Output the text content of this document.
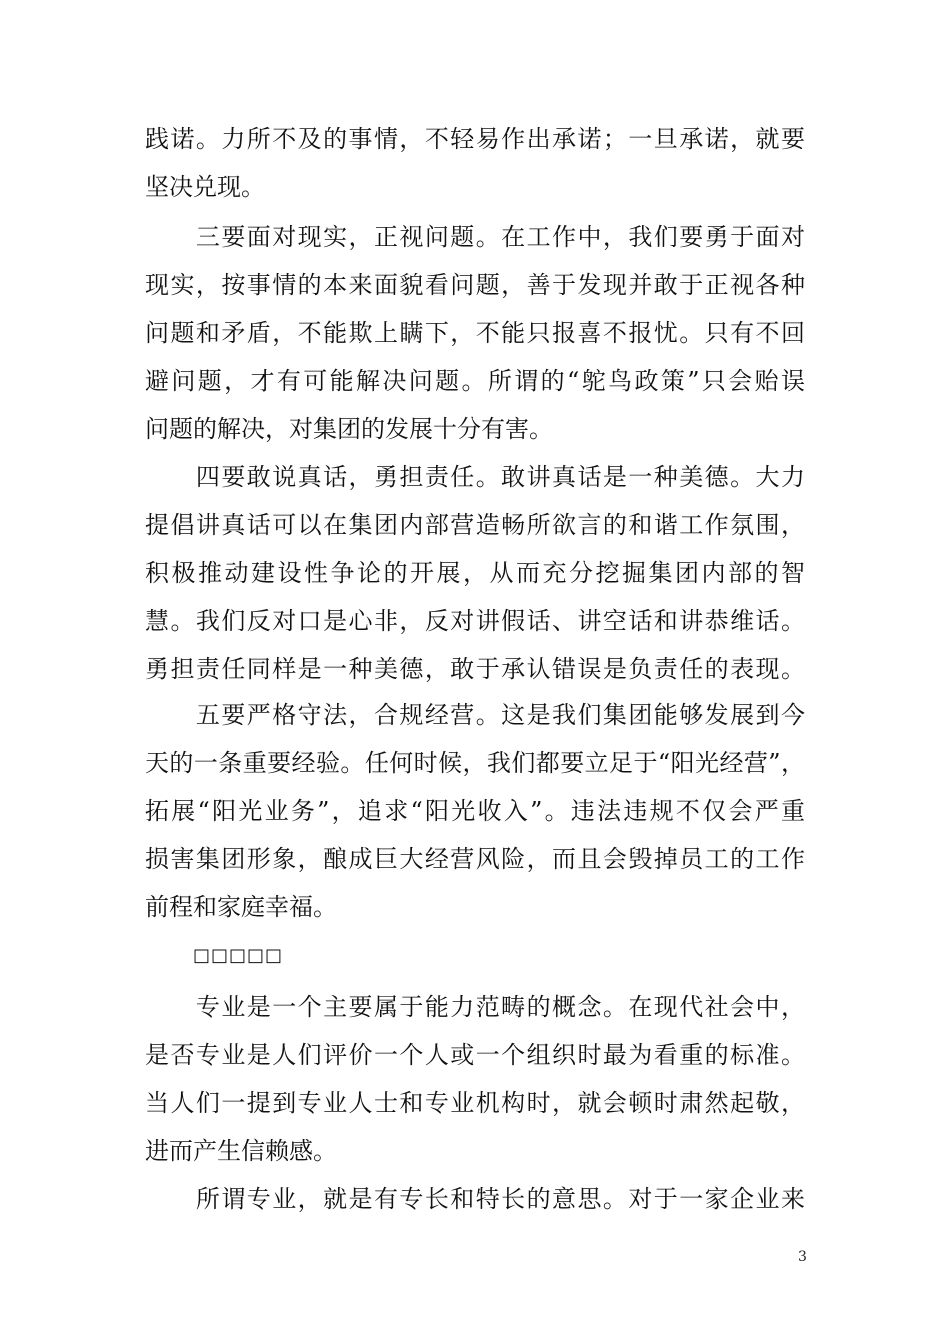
践诺。力所不及的事情，不轻易作出承诺；一旦承诺，就要
坚决兑现。
　　三要面对现实，正视问题。在工作中，我们要勇于面对
现实，按事情的本来面貌看问题，善于发现并敢于正视各种
问题和矛盾，不能欺上瞒下，不能只报喜不报忧。只有不回
避问题，才有可能解决问题。所谓的“鸵鸟政策”只会贻误
问题的解决，对集团的发展十分有害。
　　四要敢说真话，勇担责任。敢讲真话是一种美德。大力
提倡讲真话可以在集团内部营造畅所欲言的和谐工作氛围，
积极推动建设性争论的开展，从而充分挖掘集团内部的智
慧。我们反对口是心非，反对讲假话、讲空话和讲恭维话。
勇担责任同样是一种美德，敢于承认错误是负责任的表现。
　　五要严格守法，合规经营。这是我们集团能够发展到今
天的一条重要经验。任何时候，我们都要立足于“阳光经营”，
拓展“阳光业务”，追求“阳光收入”。违法违规不仅会严重
损害集团形象，酿成巨大经营风险，而且会毁掉员工的工作
前程和家庭幸福。
□□□□□
　　专业是一个主要属于能力范畴的概念。在现代社会中，
是否专业是人们评价一个人或一个组织时最为看重的标准。
当人们一提到专业人士和专业机构时，就会顿时肃然起敬，
进而产生信赖感。
　　所谓专业，就是有专长和特长的意思。对于一家企业来
3
